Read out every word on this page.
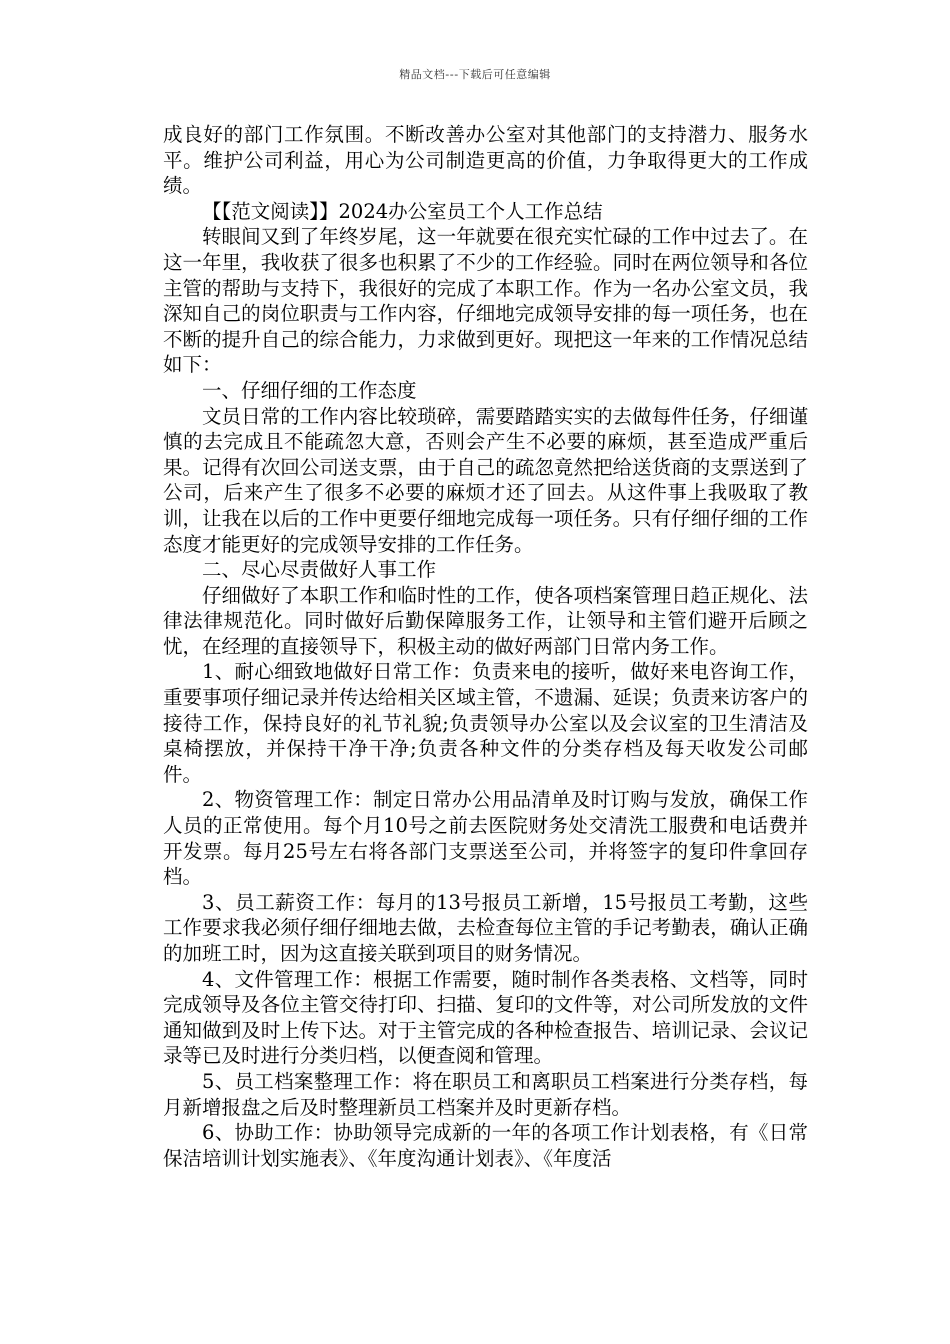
精品文档---下载后可任意编辑

成良好的部门工作氛围。不断改善办公室对其他部门的支持潜力、服务水平。维护公司利益，用心为公司制造更高的价值，力争取得更大的工作成绩。

【【范文阅读】】2024办公室员工个人工作总结

转眼间又到了年终岁尾，这一年就要在很充实忙碌的工作中过去了。在这一年里，我收获了很多也积累了不少的工作经验。同时在两位领导和各位主管的帮助与支持下，我很好的完成了本职工作。作为一名办公室文员，我深知自己的岗位职责与工作内容，仔细地完成领导安排的每一项任务，也在不断的提升自己的综合能力，力求做到更好。现把这一年来的工作情况总结如下：

一、仔细仔细的工作态度

文员日常的工作内容比较琐碎，需要踏踏实实的去做每件任务，仔细谨慎的去完成且不能疏忽大意，否则会产生不必要的麻烦，甚至造成严重后果。记得有次回公司送支票，由于自己的疏忽竟然把给送货商的支票送到了公司，后来产生了很多不必要的麻烦才还了回去。从这件事上我吸取了教训，让我在以后的工作中更要仔细地完成每一项任务。只有仔细仔细的工作态度才能更好的完成领导安排的工作任务。

二、尽心尽责做好人事工作

仔细做好了本职工作和临时性的工作，使各项档案管理日趋正规化、法律法律规范化。同时做好后勤保障服务工作，让领导和主管们避开后顾之忧，在经理的直接领导下，积极主动的做好两部门日常内务工作。

1、耐心细致地做好日常工作：负责来电的接听，做好来电咨询工作，重要事项仔细记录并传达给相关区域主管，不遗漏、延误；负责来访客户的接待工作，保持良好的礼节礼貌;负责领导办公室以及会议室的卫生清洁及桌椅摆放，并保持干净干净;负责各种文件的分类存档及每天收发公司邮件。

2、物资管理工作：制定日常办公用品清单及时订购与发放，确保工作人员的正常使用。每个月10号之前去医院财务处交清洗工服费和电话费并开发票。每月25号左右将各部门支票送至公司，并将签字的复印件拿回存档。

3、员工薪资工作：每月的13号报员工新增，15号报员工考勤，这些工作要求我必须仔细仔细地去做，去检查每位主管的手记考勤表，确认正确的加班工时，因为这直接关联到项目的财务情况。

4、文件管理工作：根据工作需要，随时制作各类表格、文档等，同时完成领导及各位主管交待打印、扫描、复印的文件等，对公司所发放的文件通知做到及时上传下达。对于主管完成的各种检查报告、培训记录、会议记录等已及时进行分类归档，以便查阅和管理。

5、员工档案整理工作：将在职员工和离职员工档案进行分类存档，每月新增报盘之后及时整理新员工档案并及时更新存档。

6、协助工作：协助领导完成新的一年的各项工作计划表格，有《日常保洁培训计划实施表》、《年度沟通计划表》、《年度活
